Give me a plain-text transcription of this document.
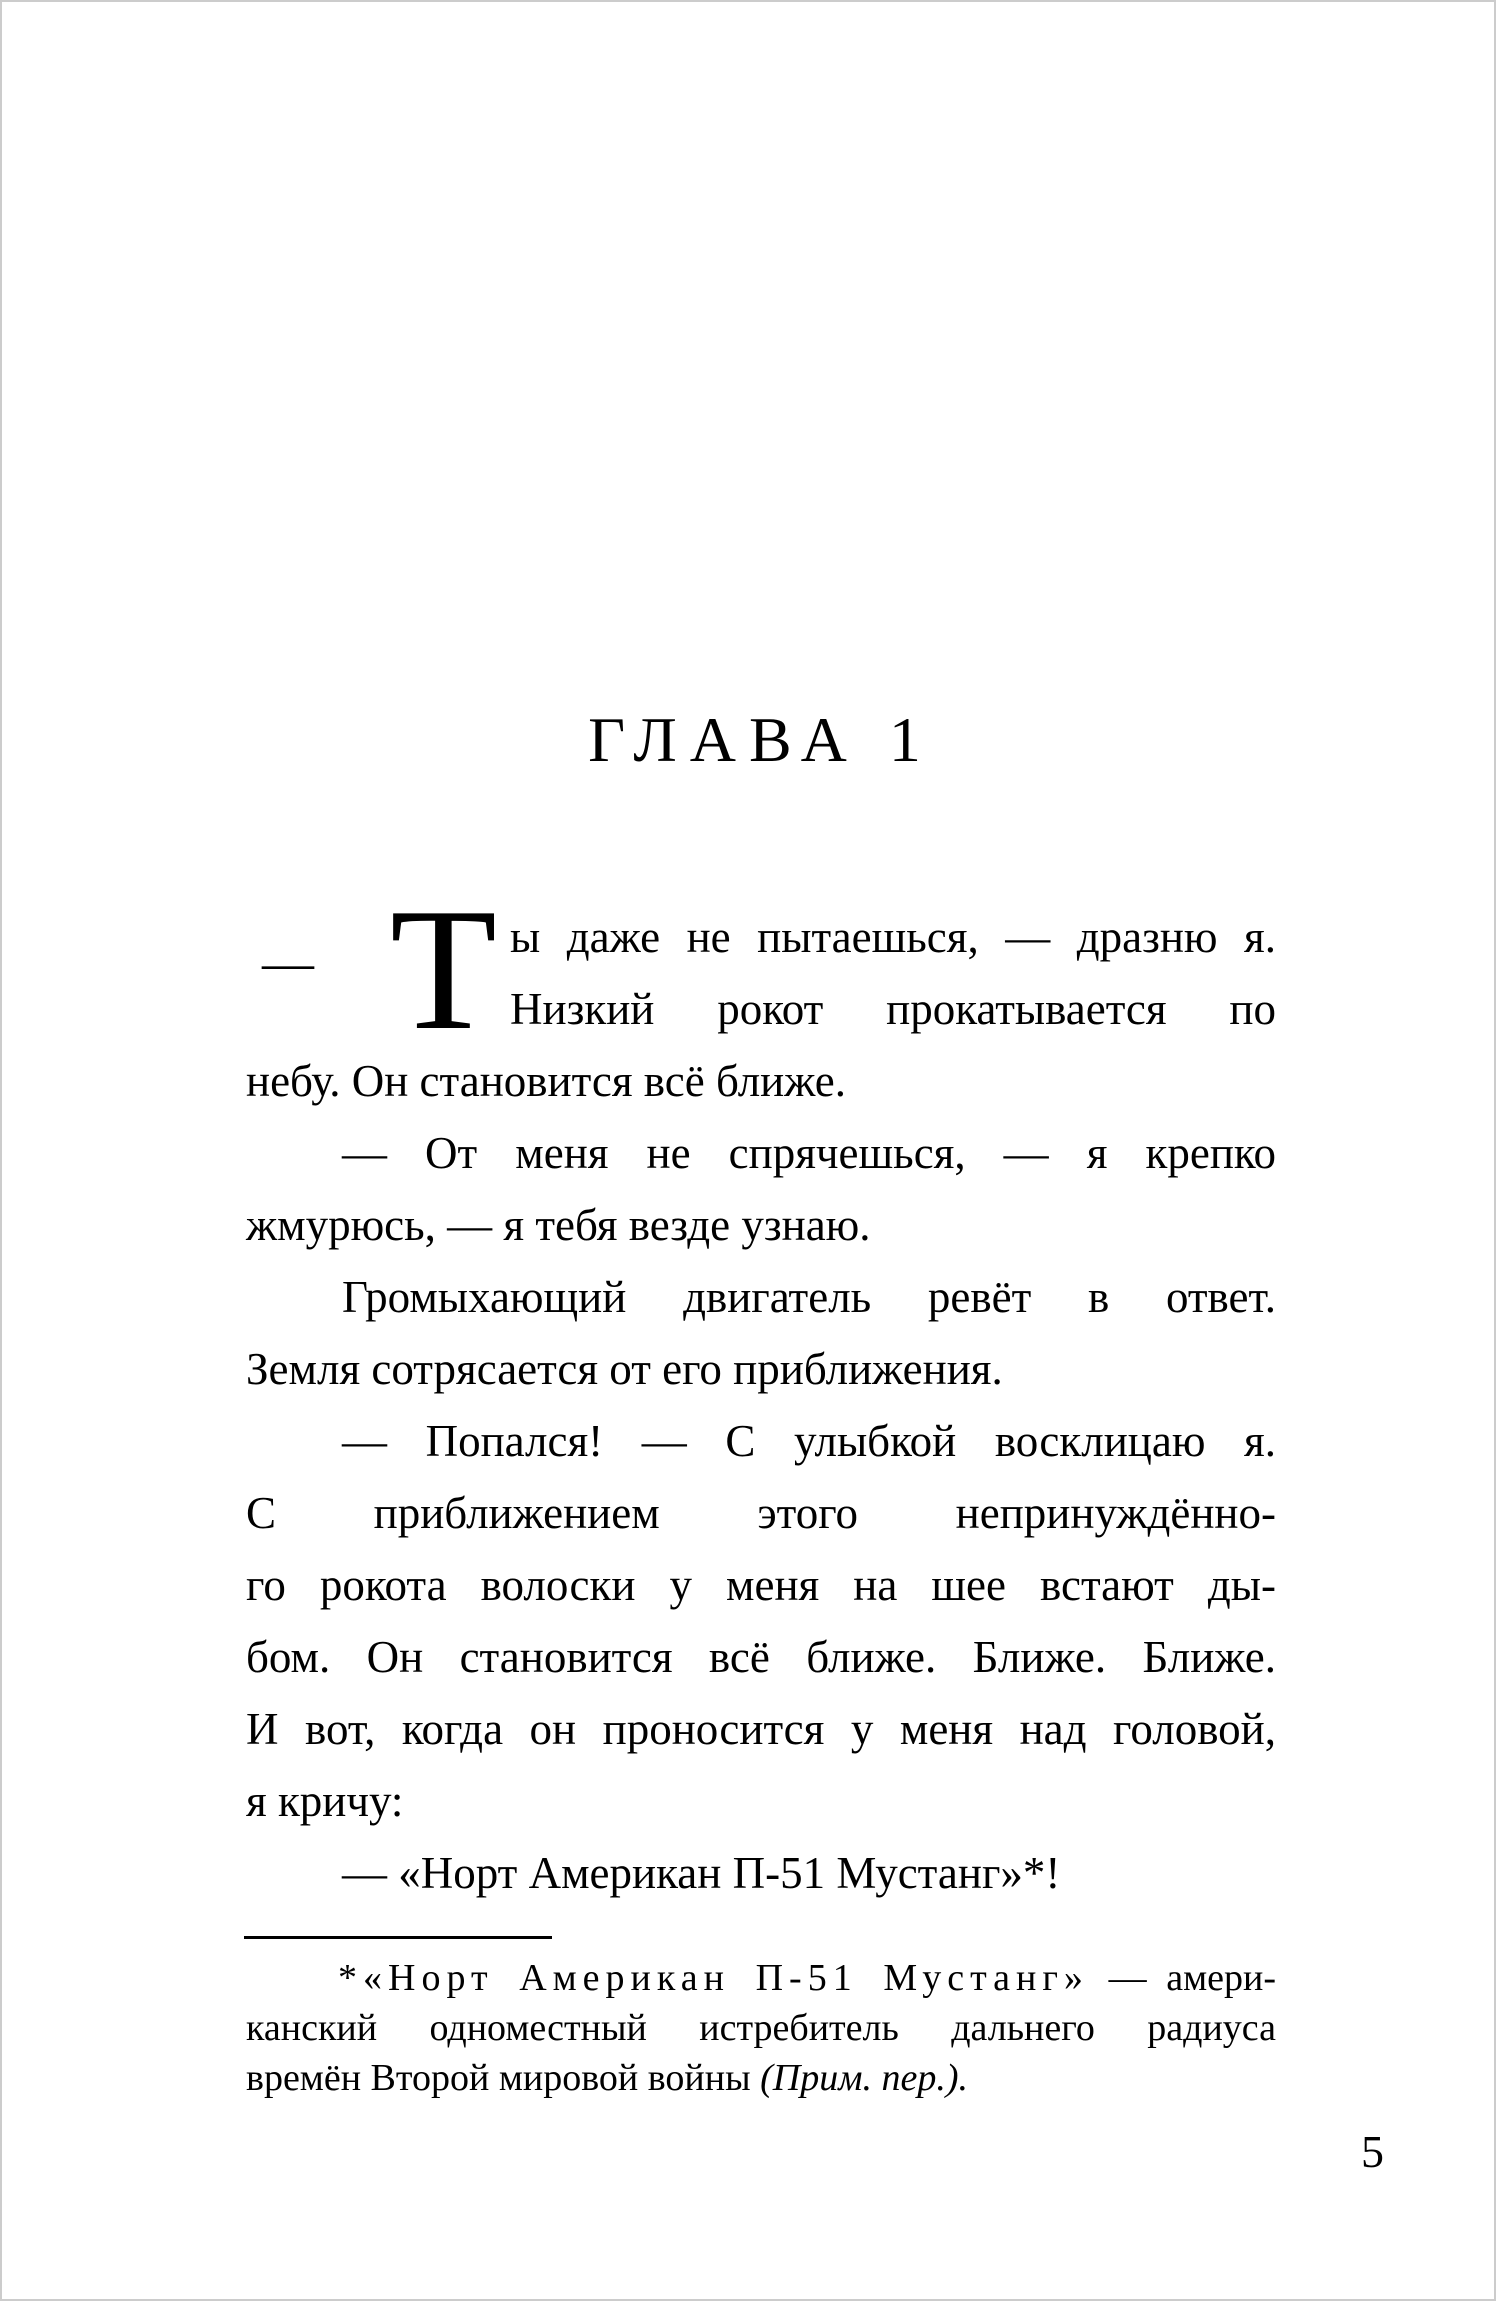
ГЛАВА 1
— Т ы даже не пытаешься, — дразню я.
Низкий рокот прокатывается по
небу. Он становится всё ближе.
— От меня не спрячешься, — я крепко
жмурюсь, — я тебя везде узнаю.
Громыхающий двигатель ревёт в ответ.
Земля сотрясается от его приближения.
— Попался! — С улыбкой восклицаю я.
С приближением этого непринуждённо-
го рокота волоски у меня на шее встают ды-
бом. Он становится всё ближе. Ближе. Ближе.
И вот, когда он проносится у меня над головой,
я кричу:
— «Норт Американ П-51 Мустанг»*!
*«Норт Американ П-51 Мустанг» — амери-
канский одноместный истребитель дальнего радиуса
времён Второй мировой войны (Прим. пер.).
5
